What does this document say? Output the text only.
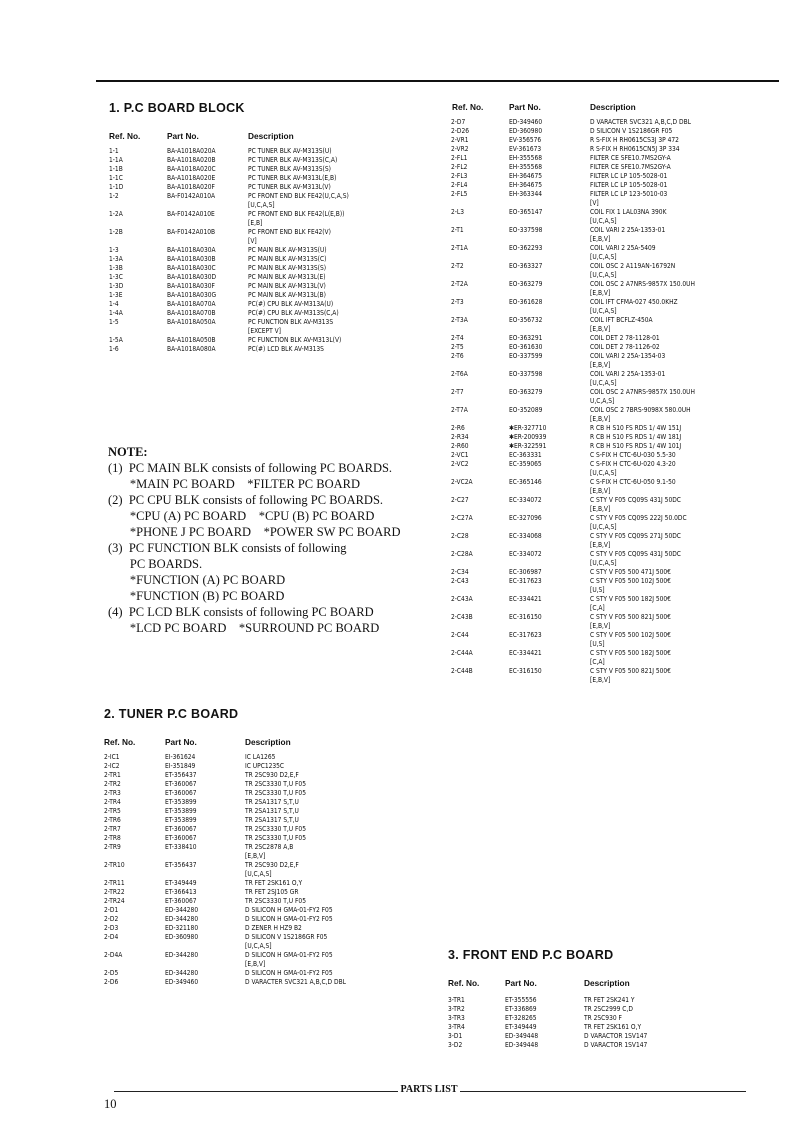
1. P.C BOARD BLOCK
Ref. No.	Part No.	Description
1-1	BA-A1018A020A	PC TUNER BLK AV-M313S(U)
1-1A	BA-A1018A020B	PC TUNER BLK AV-M313S(C,A)
1-1B	BA-A1018A020C	PC TUNER BLK AV-M313S(S)
1-1C	BA-A1018A020E	PC TUNER BLK AV-M313L(E,B)
1-1D	BA-A1018A020F	PC TUNER BLK AV-M313L(V)
1-2	BA-F0142A010A	PC FRONT END BLK FE42(U,C,A,S)
		[U,C,A,S]
1-2A	BA-F0142A010E	PC FRONT END BLK FE42(L(E,B))
		[E,B]
1-2B	BA-F0142A010B	PC FRONT END BLK FE42(V)
		[V]
1-3	BA-A1018A030A	PC MAIN BLK AV-M313S(U)
1-3A	BA-A1018A030B	PC MAIN BLK AV-M313S(C)
1-3B	BA-A1018A030C	PC MAIN BLK AV-M313S(S)
1-3C	BA-A1018A030D	PC MAIN BLK AV-M313L(E)
1-3D	BA-A1018A030F	PC MAIN BLK AV-M313L(V)
1-3E	BA-A1018A030G	PC MAIN BLK AV-M313L(B)
1-4	BA-A1018A070A	PC(#) CPU BLK AV-M313A(U)
1-4A	BA-A1018A070B	PC(#) CPU BLK AV-M313S(C,A)
1-5	BA-A1018A050A	PC FUNCTION BLK AV-M313S
		[EXCEPT V]
1-5A	BA-A1018A050B	PC FUNCTION BLK AV-M313L(V)
1-6	BA-A1018A080A	PC(#) LCD BLK AV-M313S
NOTE:
(1)  PC MAIN BLK consists of following PC BOARDS.
*MAIN PC BOARD    *FILTER PC BOARD
(2)  PC CPU BLK consists of following PC BOARDS.
*CPU (A) PC BOARD    *CPU (B) PC BOARD
*PHONE J PC BOARD    *POWER SW PC BOARD
(3)  PC FUNCTION BLK consists of following
PC BOARDS.
*FUNCTION (A) PC BOARD
*FUNCTION (B) PC BOARD
(4)  PC LCD BLK consists of following PC BOARD
*LCD PC BOARD    *SURROUND PC BOARD
2. TUNER P.C BOARD
Ref. No.	Part No.	Description
2-IC1	EI-361624	IC LA1265
2-IC2	EI-351849	IC UPC1235C
2-TR1	ET-356437	TR 2SC930 D2,E,F
2-TR2	ET-360067	TR 2SC3330 T,U F05
2-TR3	ET-360067	TR 2SC3330 T,U F05
2-TR4	ET-353899	TR 2SA1317 S,T,U
2-TR5	ET-353899	TR 2SA1317 S,T,U
2-TR6	ET-353899	TR 2SA1317 S,T,U
2-TR7	ET-360067	TR 2SC3330 T,U F05
2-TR8	ET-360067	TR 2SC3330 T,U F05
2-TR9	ET-338410	TR 2SC2878 A,B
		[E,B,V]
2-TR10	ET-356437	TR 2SC930 D2,E,F
		[U,C,A,S]
2-TR11	ET-349449	TR FET 2SK161 O,Y
2-TR22	ET-366413	TR FET 2SJ105 GR
2-TR24	ET-360067	TR 2SC3330 T,U F05
2-D1	ED-344280	D SILICON H GMA-01-FY2 F05
2-D2	ED-344280	D SILICON H GMA-01-FY2 F05
2-D3	ED-321180	D ZENER H HZ9 B2
2-D4	ED-360980	D SILICON V 1S2186GR F05
		[U,C,A,S]
2-D4A	ED-344280	D SILICON H GMA-01-FY2 F05
		[E,B,V]
2-D5	ED-344280	D SILICON H GMA-01-FY2 F05
2-D6	ED-349460	D VARACTER SVC321 A,B,C,D DBL
Ref. No.	Part No.	Description
2-D7	ED-349460	D VARACTER SVC321 A,B,C,D DBL
2-D26	ED-360980	D SILICON V 1S2186GR F05
2-VR1	EV-356576	R S-FIX H RH0615CS3J 3P 472
2-VR2	EV-361673	R S-FIX H RH0615CN5J 3P 334
2-FL1	EH-355568	FILTER CE SFE10.7MS2GY-A
2-FL2	EH-355568	FILTER CE SFE10.7MS2GY-A
2-FL3	EH-364675	FILTER LC LP 105-5028-01
2-FL4	EH-364675	FILTER LC LP 105-5028-01
2-FL5	EH-363344	FILTER LC LP 123-5010-03
		[V]
2-L3	EO-365147	COIL FIX 1 LAL03NA 390K
		[U,C,A,S]
2-T1	EO-337598	COIL VARI 2 25A-1353-01
		[E,B,V]
2-T1A	EO-362293	COIL VARI 2 25A-5409
		[U,C,A,S]
2-T2	EO-363327	COIL OSC 2 A119AN-16792N
		[U,C,A,S]
2-T2A	EO-363279	COIL OSC 2 A7NRS-9857X 150.0UH
		[E,B,V]
2-T3	EO-361628	COIL IFT CFMA-027 450.0KHZ
		[U,C,A,S]
2-T3A	EO-356732	COIL IFT BCFLZ-450A
		[E,B,V]
2-T4	EO-363291	COIL DET 2 78-1128-01
2-T5	EO-361630	COIL DET 2 78-1126-02
2-T6	EO-337599	COIL VARI 2 25A-1354-03
		[E,B,V]
2-T6A	EO-337598	COIL VARI 2 25A-1353-01
		[U,C,A,S]
2-T7	EO-363279	COIL OSC 2 A7NRS-9857X 150.0UH
		U,C,A,S]
2-T7A	EO-352089	COIL OSC 2 7BRS-9098X 580.0UH
		[E,B,V]
2-R6	✱ER-327710	R CB H S10 FS RDS 1∕ 4W 151J
2-R34	✱ER-200939	R CB H S10 FS RDS 1∕ 4W 181J
2-R60	✱ER-322591	R CB H S10 FS RDS 1∕ 4W 101J
2-VC1	EC-363331	C S-FIX H CTC-6U-030 5.5-30
2-VC2	EC-359065	C S-FIX H CTC-6U-020 4.3-20
		[U,C,A,S]
2-VC2A	EC-365146	C S-FIX H CTC-6U-050 9.1-50
		[E,B,V]
2-C27	EC-334072	C STY V F05 CQ09S 431J 50DC
		[E,B,V]
2-C27A	EC-327096	C STY V F05 CQ09S 222J 50.0DC
		[U,C,A,S]
2-C28	EC-334068	C STY V F05 CQ09S 271J 50DC
		[E,B,V]
2-C28A	EC-334072	C STY V F05 CQ09S 431J 50DC
		[U,C,A,S]
2-C34	EC-306987	C STY V F05 500 471J 500€
2-C43	EC-317623	C STY V F05 500 102J 500€
		[U,S]
2-C43A	EC-334421	C STY V F05 500 182J 500€
		[C,A]
2-C43B	EC-316150	C STY V F05 500 821J 500€
		[E,B,V]
2-C44	EC-317623	C STY V F05 500 102J 500€
		[U,S]
2-C44A	EC-334421	C STY V F05 500 182J 500€
		[C,A]
2-C44B	EC-316150	C STY V F05 500 821J 500€
		[E,B,V]
3. FRONT END P.C BOARD
Ref. No.	Part No.	Description
3-TR1	ET-355556	TR FET 2SK241 Y
3-TR2	ET-336869	TR 2SC2999 C,D
3-TR3	ET-328265	TR 2SC930 F
3-TR4	ET-349449	TR FET 2SK161 O,Y
3-D1	ED-349448	D VARACTOR 1SV147
3-D2	ED-349448	D VARACTOR 1SV147
PARTS LIST
10
